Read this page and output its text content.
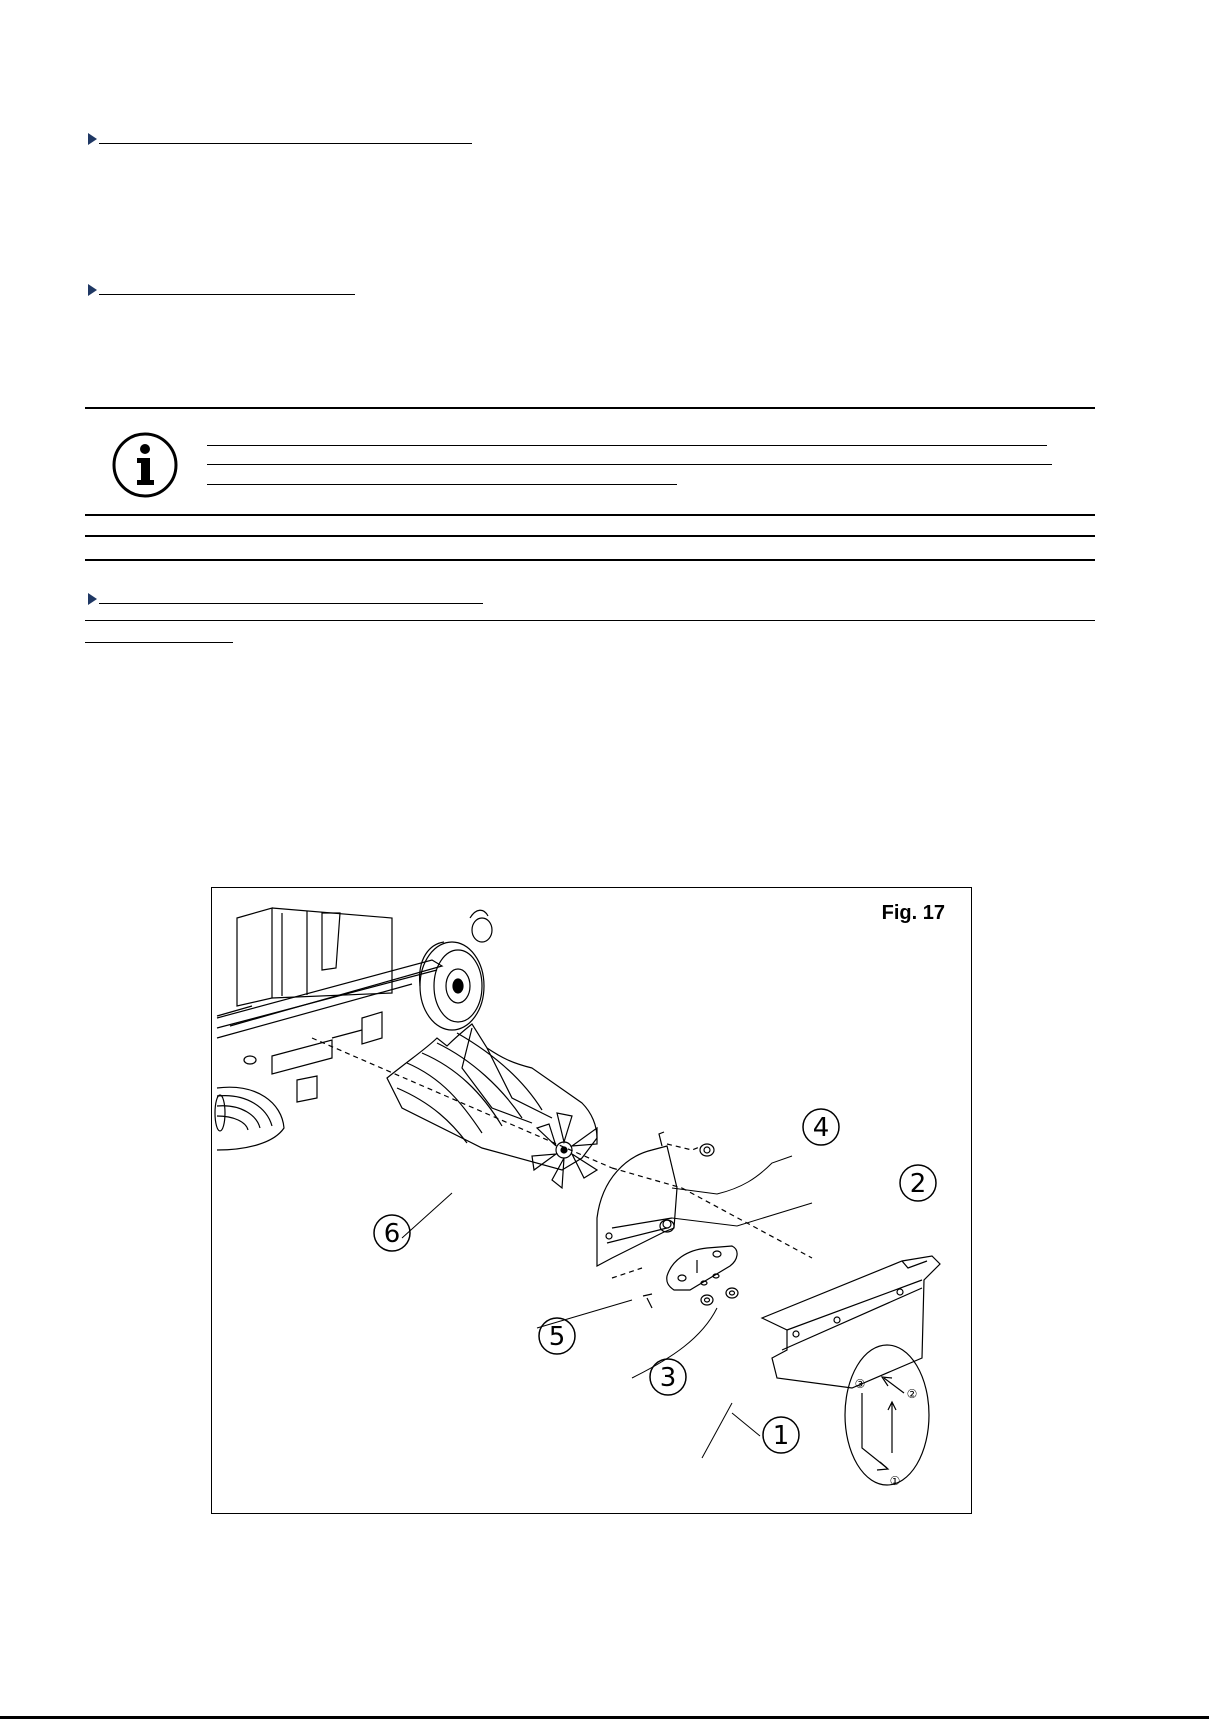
Fig. 17
1
2
3
4
5
6
①
②
③
